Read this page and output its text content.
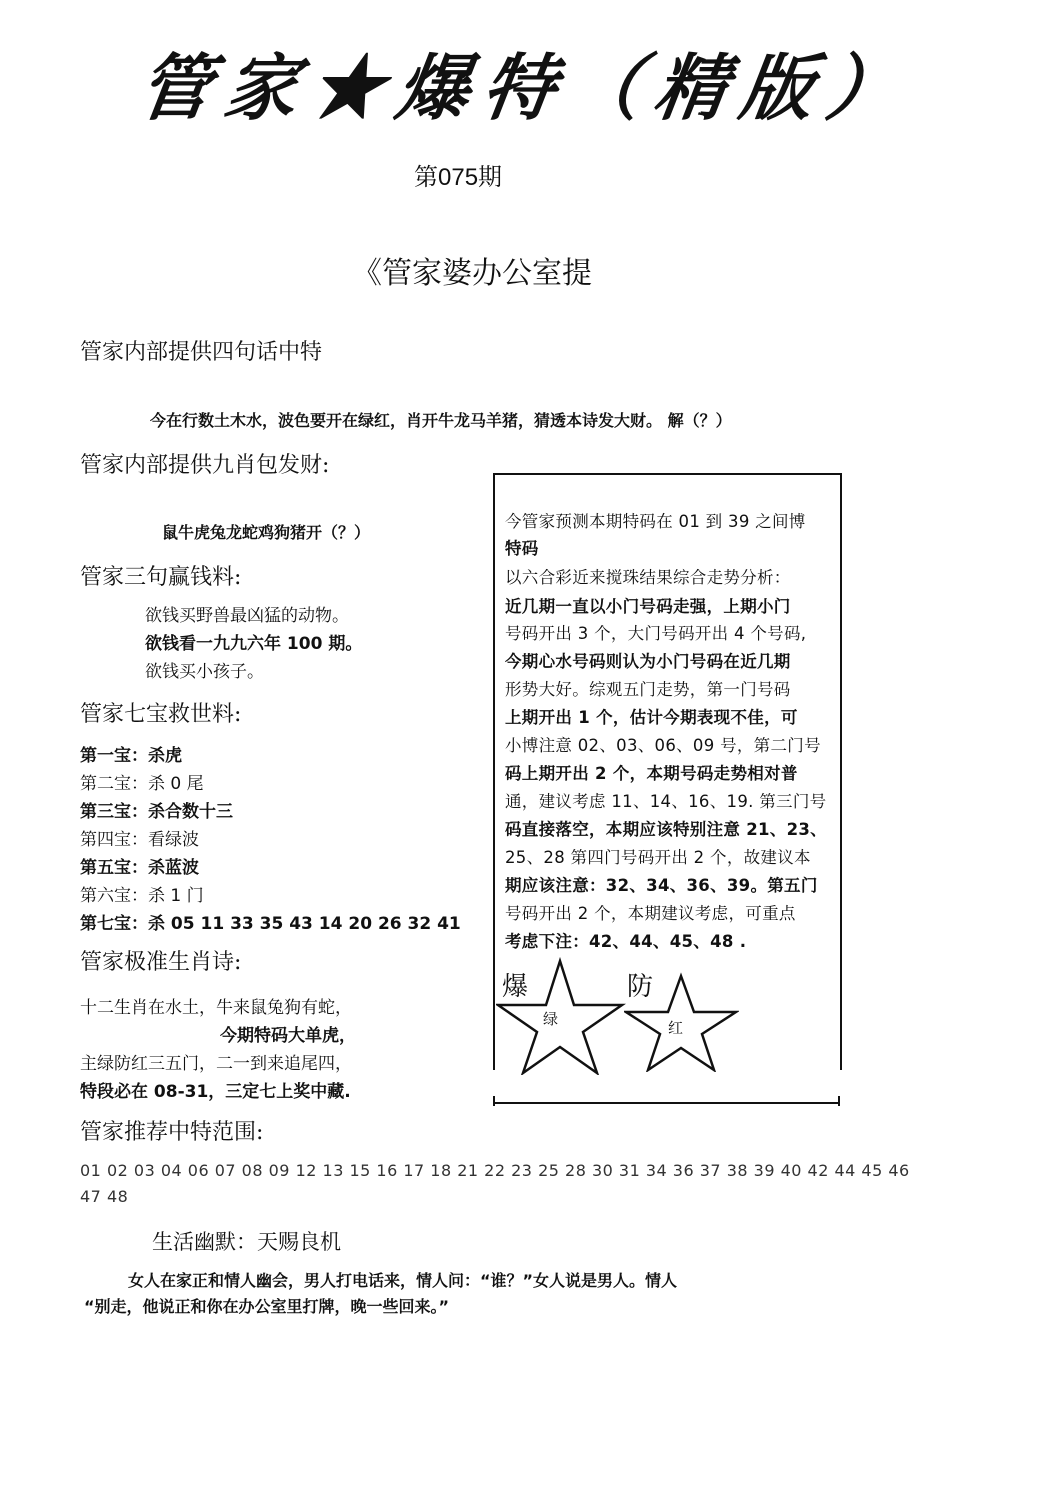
管家★爆特（精版）
第075期
《管家婆办公室提
管家内部提供四句话中特
今在行数土木水，波色要开在绿红，肖开牛龙马羊猪，猜透本诗发大财。 解（？）
管家内部提供九肖包发财:
鼠牛虎兔龙蛇鸡狗猪开（？）
管家三句赢钱料:
欲钱买野兽最凶猛的动物。
欲钱看一九九六年 100 期。
欲钱买小孩子。
管家七宝救世料:
第一宝：杀虎
第二宝：杀 0 尾
第三宝：杀合数十三
第四宝：看绿波
第五宝：杀蓝波
第六宝：杀 1 门
第七宝：杀 05 11 33 35 43 14 20 26 32 41
管家极准生肖诗:
十二生肖在水土，牛来鼠兔狗有蛇，
今期特码大单虎，
主绿防红三五门，二一到来追尾四，
特段必在 08-31，三定七上奖中藏.
管家推荐中特范围:
01 02 03 04 06 07 08 09 12 13 15 16 17 18 21 22 23 25 28 30 31 34 36 37 38 39 40 42 44 45 46
47 48
生活幽默：天赐良机
女人在家正和情人幽会，男人打电话来，情人问：“谁？”女人说是男人。情人
“别走，他说正和你在办公室里打牌，晚一些回来。”
今管家预测本期特码在 01 到 39 之间博
特码
以六合彩近来搅珠结果综合走势分析：
近几期一直以小门号码走强，上期小门
号码开出 3 个，大门号码开出 4 个号码,
今期心水号码则认为小门号码在近几期
形势大好。综观五门走势，第一门号码
上期开出 1 个，估计今期表现不佳，可
小博注意 02、03、06、09 号，第二门号
码上期开出 2 个，本期号码走势相对普
通，建议考虑 11、14、16、19. 第三门号
码直接落空，本期应该特别注意 21、23、
25、28 第四门号码开出 2 个，故建议本
期应该注意：32、34、36、39。第五门
号码开出 2 个，本期建议考虑，可重点
考虑下注：42、44、45、48 .
爆
绿
防
红
